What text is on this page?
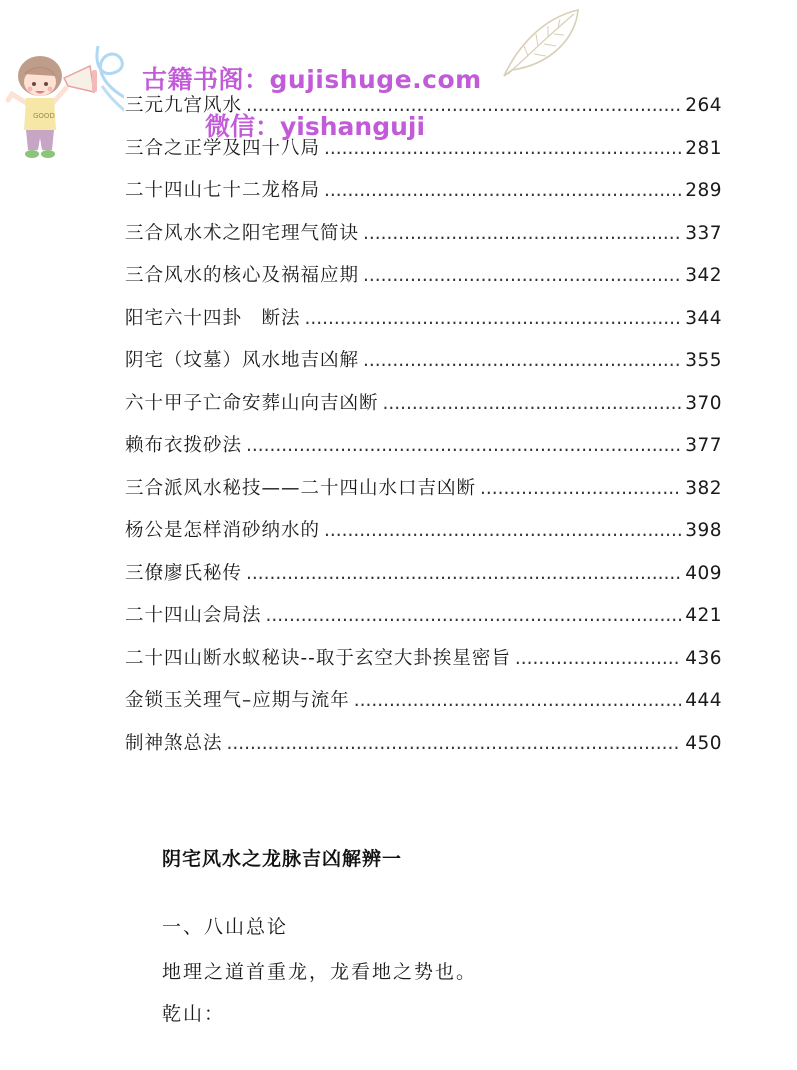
GOOD
古籍书阁：gujishuge.com
微信：yishanguji
三元九宫风水 .....	264
三合之正学及四十八局 .....	281
二十四山七十二龙格局 .....	289
三合风水术之阳宅理气简诀 .....	337
三合风水的核心及祸福应期 .....	342
阳宅六十四卦　断法 .....	344
阴宅（坟墓）风水地吉凶解 .....	355
六十甲子亡命安葬山向吉凶断 .....	370
赖布衣拨砂法 .....	377
三合派风水秘技——二十四山水口吉凶断 .....	382
杨公是怎样消砂纳水的 .....	398
三僚廖氏秘传 .....	409
二十四山会局法 .....	421
二十四山断水蚁秘诀--取于玄空大卦挨星密旨 .....	436
金锁玉关理气–应期与流年 .....	444
制神煞总法 .....	450
阴宅风水之龙脉吉凶解辨一
一、八山总论
地理之道首重龙，龙看地之势也。
乾山：
